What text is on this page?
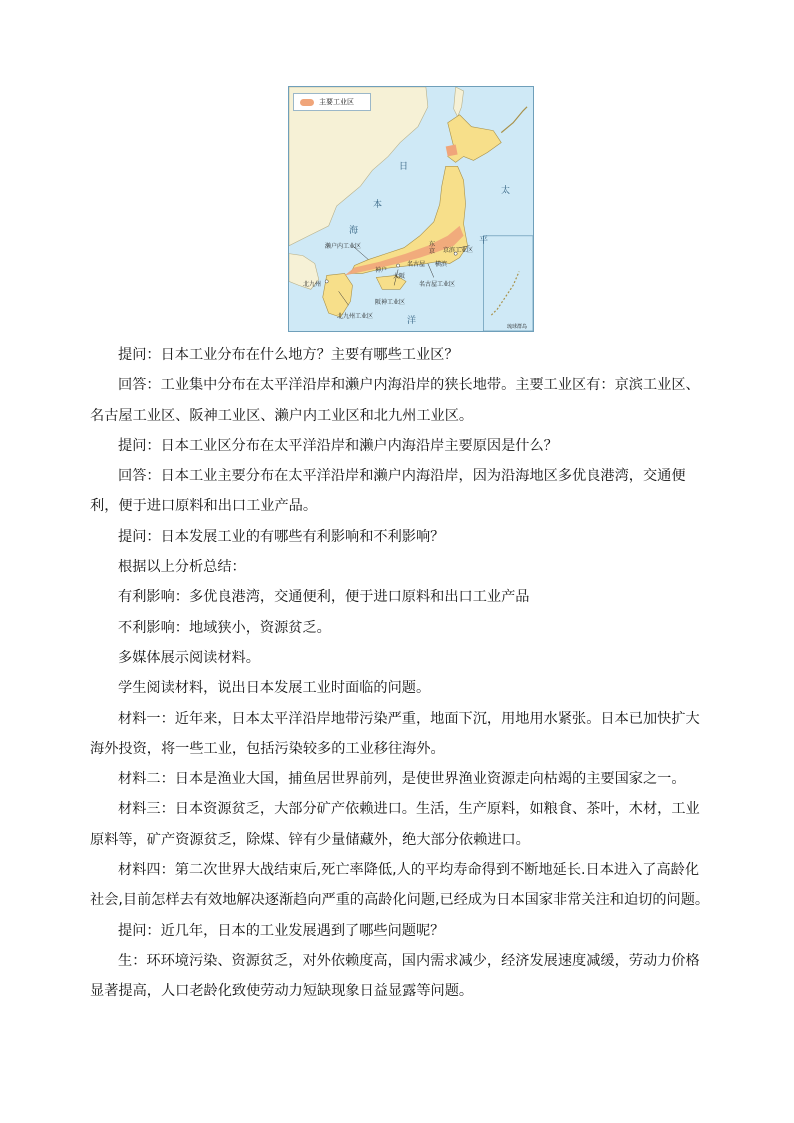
主要工业区
日
本
海
太
平
洋
濑户内工业区	东京	京滨工业区
名古屋 横滨
神户
大阪
北九州	名古屋工业区
阪神工业区
北九州工业区
琉球群岛

提问：日本工业分布在什么地方？主要有哪些工业区？

回答：工业集中分布在太平洋沿岸和濑户内海沿岸的狭长地带。主要工业区有：京滨工业区、名古屋工业区、阪神工业区、濑户内工业区和北九州工业区。

提问：日本工业区分布在太平洋沿岸和濑户内海沿岸主要原因是什么？

回答：日本工业主要分布在太平洋沿岸和濑户内海沿岸，因为沿海地区多优良港湾，交通便利，便于进口原料和出口工业产品。

提问：日本发展工业的有哪些有利影响和不利影响？

根据以上分析总结：

有利影响：多优良港湾，交通便利，便于进口原料和出口工业产品

不利影响：地域狭小，资源贫乏。

多媒体展示阅读材料。

学生阅读材料，说出日本发展工业时面临的问题。

材料一：近年来，日本太平洋沿岸地带污染严重，地面下沉，用地用水紧张。日本已加快扩大海外投资，将一些工业，包括污染较多的工业移往海外。

材料二：日本是渔业大国，捕鱼居世界前列，是使世界渔业资源走向枯竭的主要国家之一。

材料三：日本资源贫乏，大部分矿产依赖进口。生活，生产原料，如粮食、茶叶，木材，工业原料等，矿产资源贫乏，除煤、锌有少量储藏外，绝大部分依赖进口。

材料四：第二次世界大战结束后,死亡率降低,人的平均寿命得到不断地延长.日本进入了高龄化社会,目前怎样去有效地解决逐渐趋向严重的高龄化问题,已经成为日本国家非常关注和迫切的问题。

提问：近几年，日本的工业发展遇到了哪些问题呢？

生：环环境污染、资源贫乏，对外依赖度高，国内需求减少，经济发展速度减缓，劳动力价格显著提高，人口老龄化致使劳动力短缺现象日益显露等问题。
